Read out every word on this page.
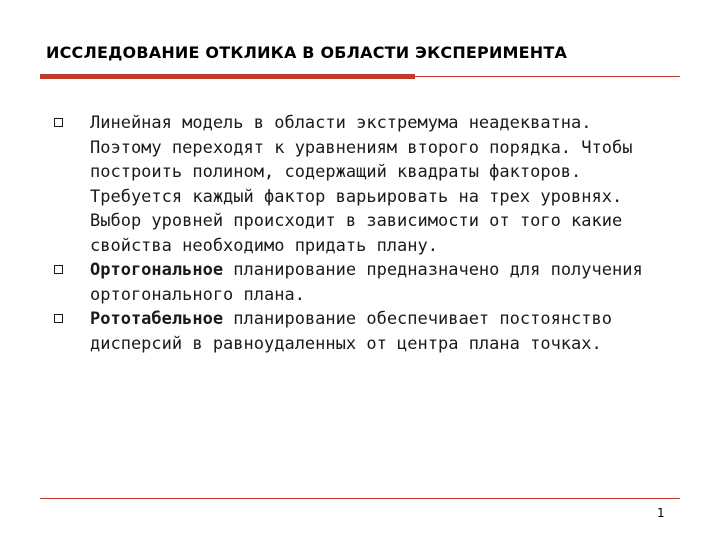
ИССЛЕДОВАНИЕ ОТКЛИКА В ОБЛАСТИ ЭКСПЕРИМЕНТА
Линейная модель в области экстремума неадекватна. Поэтому переходят к уравнениям второго порядка. Чтобы построить полином, содержащий квадраты факторов. Требуется каждый фактор варьировать на трех уровнях. Выбор уровней происходит в зависимости от того какие свойства необходимо придать плану.
Ортогональное планирование предназначено для получения ортогонального плана.
Рототабельное планирование обеспечивает постоянство дисперсий в равноудаленных от центра плана точках.
1
